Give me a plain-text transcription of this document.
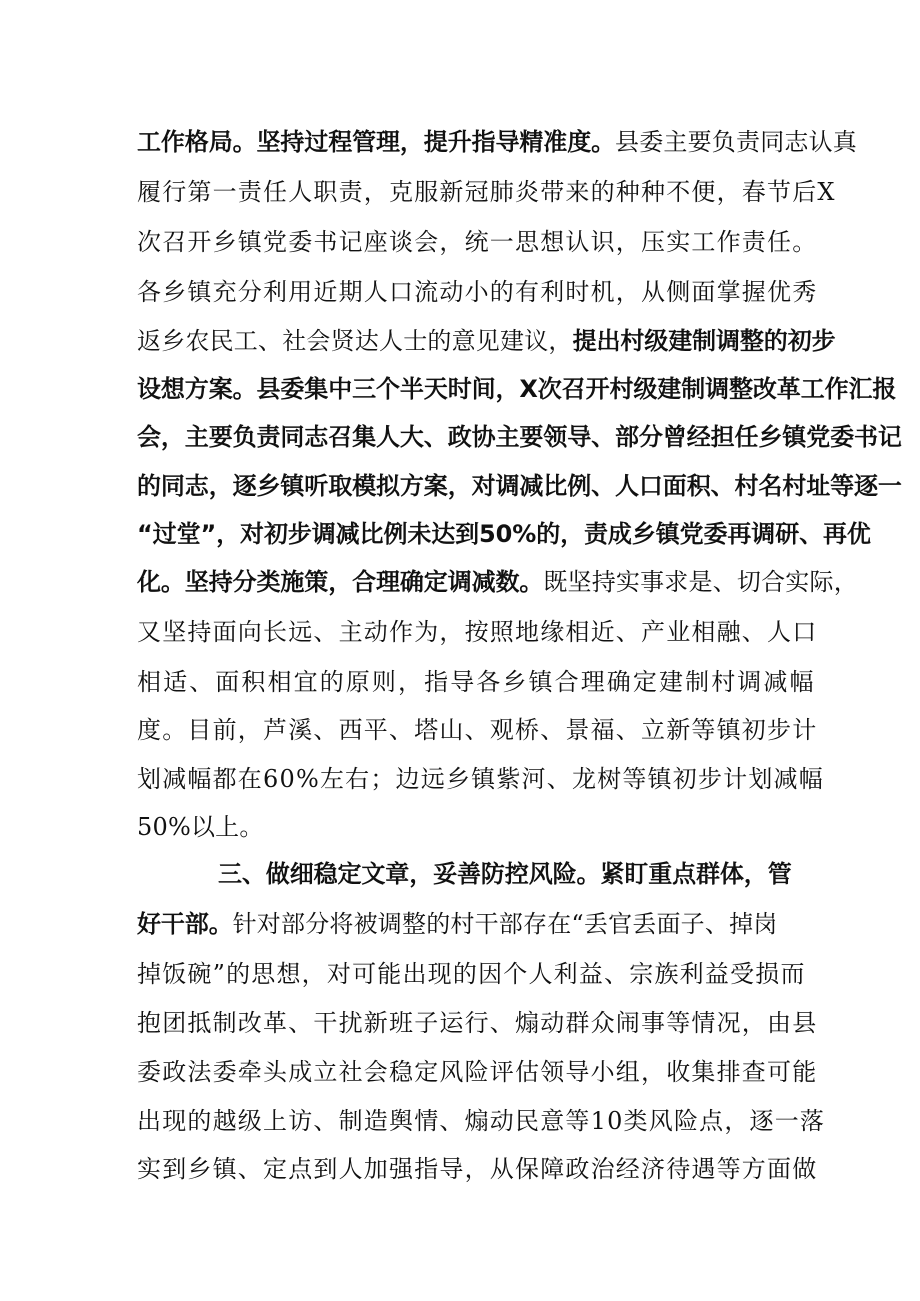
工作格局。坚持过程管理，提升指导精准度。县委主要负责同志认真
履行第一责任人职责，克服新冠肺炎带来的种种不便，春节后X
次召开乡镇党委书记座谈会，统一思想认识，压实工作责任。
各乡镇充分利用近期人口流动小的有利时机，从侧面掌握优秀
返乡农民工、社会贤达人士的意见建议，提出村级建制调整的初步
设想方案。县委集中三个半天时间，X次召开村级建制调整改革工作汇报
会，主要负责同志召集人大、政协主要领导、部分曾经担任乡镇党委书记
的同志，逐乡镇听取模拟方案，对调减比例、人口面积、村名村址等逐一
“过堂”，对初步调减比例未达到50%的，责成乡镇党委再调研、再优
化。坚持分类施策，合理确定调减数。既坚持实事求是、切合实际，
又坚持面向长远、主动作为，按照地缘相近、产业相融、人口
相适、面积相宜的原则，指导各乡镇合理确定建制村调减幅
度。目前，芦溪、西平、塔山、观桥、景福、立新等镇初步计
划减幅都在60%左右；边远乡镇紫河、龙树等镇初步计划减幅
50%以上。
三、做细稳定文章，妥善防控风险。紧盯重点群体，管
好干部。针对部分将被调整的村干部存在“丢官丢面子、掉岗
掉饭碗”的思想，对可能出现的因个人利益、宗族利益受损而
抱团抵制改革、干扰新班子运行、煽动群众闹事等情况，由县
委政法委牵头成立社会稳定风险评估领导小组，收集排查可能
出现的越级上访、制造舆情、煽动民意等10类风险点，逐一落
实到乡镇、定点到人加强指导，从保障政治经济待遇等方面做
